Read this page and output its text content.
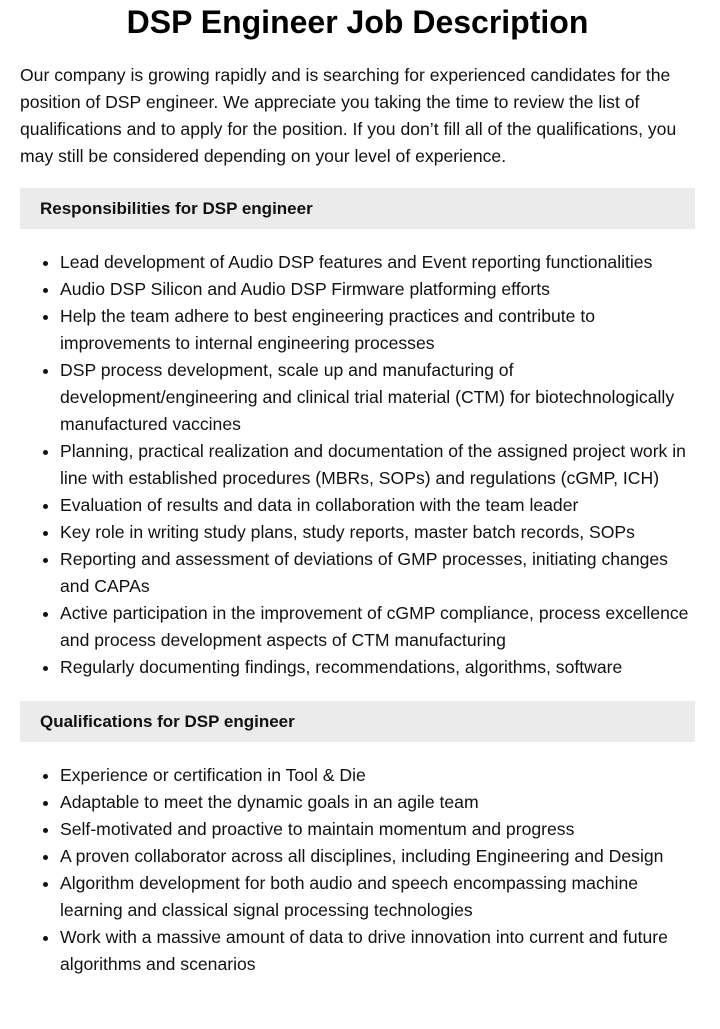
DSP Engineer Job Description

Our company is growing rapidly and is searching for experienced candidates for the position of DSP engineer. We appreciate you taking the time to review the list of qualifications and to apply for the position. If you don’t fill all of the qualifications, you may still be considered depending on your level of experience.

Responsibilities for DSP engineer
• Lead development of Audio DSP features and Event reporting functionalities
• Audio DSP Silicon and Audio DSP Firmware platforming efforts
• Help the team adhere to best engineering practices and contribute to improvements to internal engineering processes
• DSP process development, scale up and manufacturing of development/engineering and clinical trial material (CTM) for biotechnologically manufactured vaccines
• Planning, practical realization and documentation of the assigned project work in line with established procedures (MBRs, SOPs) and regulations (cGMP, ICH)
• Evaluation of results and data in collaboration with the team leader
• Key role in writing study plans, study reports, master batch records, SOPs
• Reporting and assessment of deviations of GMP processes, initiating changes and CAPAs
• Active participation in the improvement of cGMP compliance, process excellence and process development aspects of CTM manufacturing
• Regularly documenting findings, recommendations, algorithms, software
Qualifications for DSP engineer
• Experience or certification in Tool & Die
• Adaptable to meet the dynamic goals in an agile team
• Self-motivated and proactive to maintain momentum and progress
• A proven collaborator across all disciplines, including Engineering and Design
• Algorithm development for both audio and speech encompassing machine learning and classical signal processing technologies
• Work with a massive amount of data to drive innovation into current and future algorithms and scenarios
